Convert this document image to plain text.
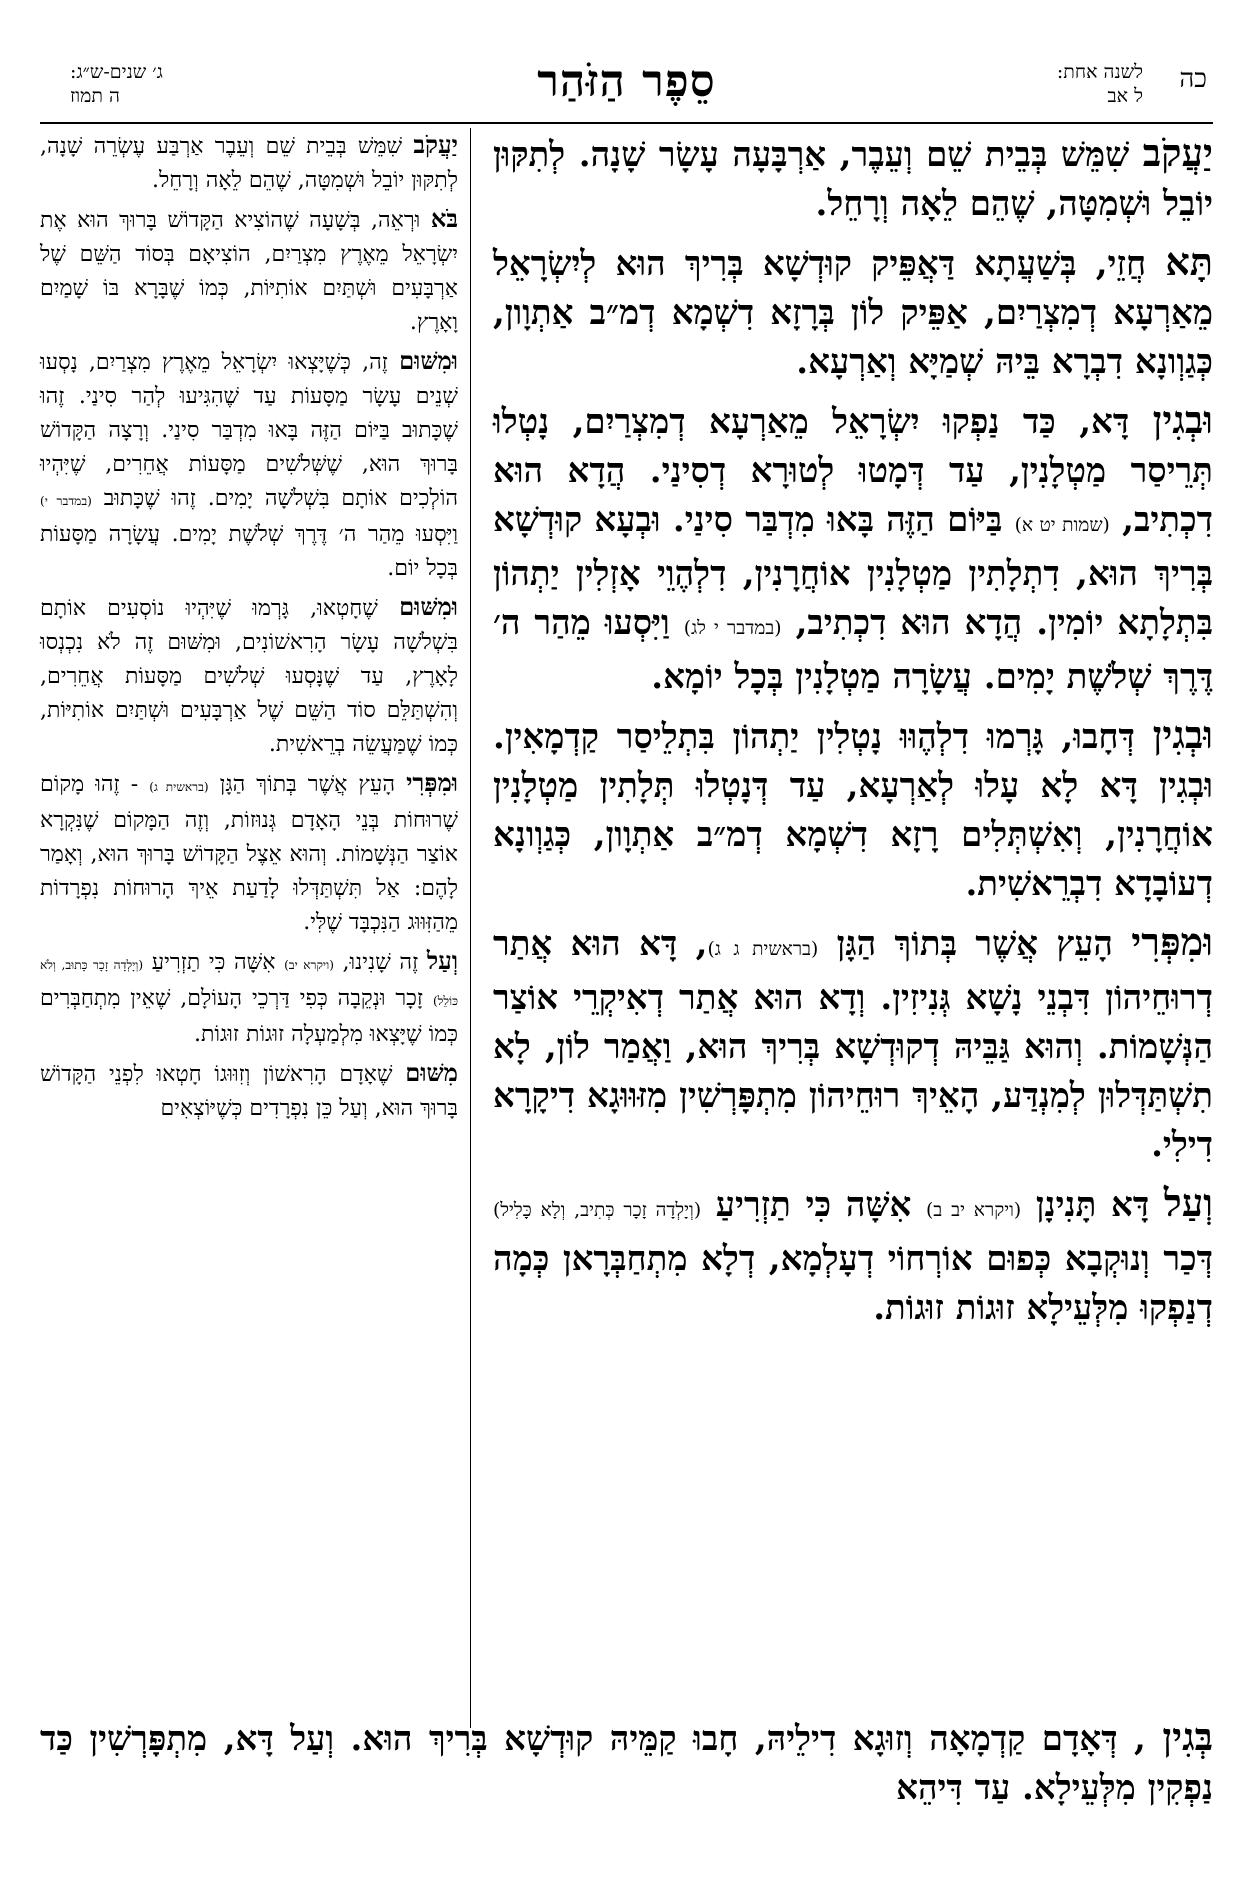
כה
לשנה אחת:
ל אב
סֵפֶר הַזֹּהַר
ג׳ שנים-ש״ג:
ה תמוז

יַעֲקֹב שִׁמֵּשׁ בְּבֵית שֵׁם וְעֵבֶר, אַרְבָּעָה עָשָׂר שָׁנָה. לְתִקּוּן יוֹבֵל וּשְׁמִטָּה, שֶׁהֵם לֵאָה וְרָחֵל.

תָּא חֲזֵי, בְּשַׁעֲתָא דַּאֲפֵּיק קוּדְשָׁא בְּרִיךְ הוּא לְיִשְׂרָאֵל מֵאַרְעָא דְמִצְרַיִם, אַפֵּיק לוֹן בְּרָזָא דִשְׁמָא דְמ״ב אַתְוָון, כְּגַוְונָא דִבְרָא בֵּיהּ שְׁמַיָּא וְאַרְעָא.

וּבְגִין דָּא, כַּד נַפְקוּ יִשְׂרָאֵל מֵאַרְעָא דְמִצְרַיִם, נָטְלוּ תְּרֵיסַר מַטְלָנִין, עַד דְּמָטוּ לְטוּרָא דְסִינַי. הֲדָא הוּא דִכְתִיב, (שמות יט א) בַּיּוֹם הַזֶּה בָּאוּ מִדְבַּר סִינַי. וּבְעָא קוּדְשָׁא בְּרִיךְ הוּא, דִתְלָתִין מַטְלָנִין אוֹחֲרָנִין, דִלְהֶוֵי אָזְלִין יַתְהוֹן בִּתְלָתָא יוֹמִין. הֲדָא הוּא דִכְתִיב, (במדבר י לג) וַיִּסְעוּ מֵהַר ה׳ דֶּרֶךְ שְׁלֹשֶׁת יָמִים. עֲשָׂרָה מַטְלָנִין בְּכָל יוֹמָא.

וּבְגִין דְּחָבוּ, גָּרְמוּ דִלְהֶוּוּ נָטְלִין יַתְהוֹן בִּתְלֵיסַר קַדְמָאִין. וּבְגִין דָּא לָא עָלוּ לְאַרְעָא, עַד דְּנָטְלוּ תְּלָתִין מַטְלָנִין אוֹחֲרָנִין, וְאִשְׁתְּלִים רָזָא דִשְׁמָא דְמ״ב אַתְוָון, כְּגַוְונָא דְעוֹבָדָא דִבְרֵאשִׁית.

וּמִפְּרִי הָעֵץ אֲשֶׁר בְּתוֹךְ הַגָּן (בראשית ג ג), דָּא הוּא אֲתַר דְרוּחֵיהוֹן דִּבְנֵי נָשָׁא גְּנִיזִין. וְדָא הוּא אֲתַר דְאִיקְרֵי אוֹצַר הַנְּשָׁמוֹת. וְהוּא גַּבֵּיהּ דְקוּדְשָׁא בְּרִיךְ הוּא, וַאֲמַר לוֹן, לָא תִשְׁתַּדְּלוּן לְמִנְדַּע, הָאֵיךְ רוּחֵיהוֹן מִתְפָּרְשִׁין מִזּוּוּגָא דִיקָרָא דִילִי.

וְעַל דָּא תָּנִינָן (ויקרא יב ב) אִשָּׁה כִּי תַזְרִיעַ (וְיָלְדָה זָכָר כְּתִיב, וְלָא כָּלִיל) דְּכַר וְנוּקְבָא כְּפוּם אוֹרְחוֹי דְעָלְמָא, דְלָא מִתְחַבְּרָאן כְּמָה דְנַפְקוּ מִלְּעֵילָא זוּגוֹת זוּגוֹת.

יַעֲקֹב שִׁמֵּשׁ בְּבֵית שֵׁם וְעֵבֶר אַרְבַּע עֶשְׂרֵה שָׁנָה, לְתִקּוּן יוֹבֵל וּשְׁמִטָּה, שֶׁהֵם לֵאָה וְרָחֵל.

בֹּא וּרְאֵה, בְּשָׁעָה שֶׁהוֹצִיא הַקָּדוֹשׁ בָּרוּךְ הוּא אֶת יִשְׂרָאֵל מֵאֶרֶץ מִצְרַיִם, הוֹצִיאָם בְּסוֹד הַשֵּׁם שֶׁל אַרְבָּעִים וּשְׁתַּיִם אוֹתִיּוֹת, כְּמוֹ שֶׁבָּרָא בּוֹ שָׁמַיִם וָאָרֶץ.

וּמִשּׁוּם זֶה, כְּשֶׁיָּצְאוּ יִשְׂרָאֵל מֵאֶרֶץ מִצְרַיִם, נָסְעוּ שְׁנֵים עָשָׂר מַסָּעוֹת עַד שֶׁהִגִּיעוּ לְהַר סִינַי. זֶהוּ שֶׁכָּתוּב בַּיּוֹם הַזֶּה בָּאוּ מִדְבַּר סִינַי. וְרָצָה הַקָּדוֹשׁ בָּרוּךְ הוּא, שֶׁשְּׁלֹשִׁים מַסָּעוֹת אֲחֵרִים, שֶׁיִּהְיוּ הוֹלְכִים אוֹתָם בִּשְׁלֹשָׁה יָמִים. זֶהוּ שֶׁכָּתוּב (במדבר י) וַיִּסְעוּ מֵהַר ה׳ דֶּרֶךְ שְׁלֹשֶׁת יָמִים. עֲשָׂרָה מַסָּעוֹת בְּכָל יוֹם.

וּמִשּׁוּם שֶׁחָטְאוּ, גָּרְמוּ שֶׁיִּהְיוּ נוֹסְעִים אוֹתָם בִּשְׁלֹשָׁה עָשָׂר הָרִאשׁוֹנִים, וּמִשּׁוּם זֶה לֹא נִכְנְסוּ לָאָרֶץ, עַד שֶׁנָּסְעוּ שְׁלֹשִׁים מַסָּעוֹת אֲחֵרִים, וְהִשְׁתַּלֵּם סוֹד הַשֵּׁם שֶׁל אַרְבָּעִים וּשְׁתַּיִם אוֹתִיּוֹת, כְּמוֹ שֶׁמַּעֲשֵׂה בְרֵאשִׁית.

וּמִפְּרִי הָעֵץ אֲשֶׁר בְּתוֹךְ הַגָּן (בראשית ג) - זֶהוּ מָקוֹם שֶׁרוּחוֹת בְּנֵי הָאָדָם גְּנוּזוֹת, וְזֶה הַמָּקוֹם שֶׁנִּקְרָא אוֹצַר הַנְּשָׁמוֹת. וְהוּא אֵצֶל הַקָּדוֹשׁ בָּרוּךְ הוּא, וְאָמַר לָהֶם: אַל תִּשְׁתַּדְּלוּ לָדַעַת אֵיךְ הָרוּחוֹת נִפְרָדוֹת מֵהַזִּוּוּג הַנִּכְבָּד שֶׁלִּי.

וְעַל זֶה שָׁנִינוּ, (ויקרא יב) אִשָּׁה כִּי תַזְרִיעַ (וְיָלְדָה זָכָר כָּתוּב, וְלֹא כּוֹלֵל) זָכָר וּנְקֵבָה כְּפִי דַּרְכֵי הָעוֹלָם, שֶׁאֵין מִתְחַבְּרִים כְּמוֹ שֶׁיָּצְאוּ מִלְמַעְלָה זוּגוֹת זוּגוֹת.

מִשּׁוּם שֶׁאָדָם הָרִאשׁוֹן וְזִוּוּגוֹ חָטְאוּ לִפְנֵי הַקָּדוֹשׁ בָּרוּךְ הוּא, וְעַל כֵּן נִפְרָדִים כְּשֶׁיּוֹצְאִים

בְּגִין , דְּאָדָם קַדְמָאָה וְזוּגָא דִילֵיהּ, חָבוּ קַמֵּיהּ קוּדְשָׁא בְּרִיךְ הוּא. וְעַל דָּא, מִתְפָּרְשִׁין כַּד נַפְקִין מִלְּעֵילָא. עַד דִּיהֵא
